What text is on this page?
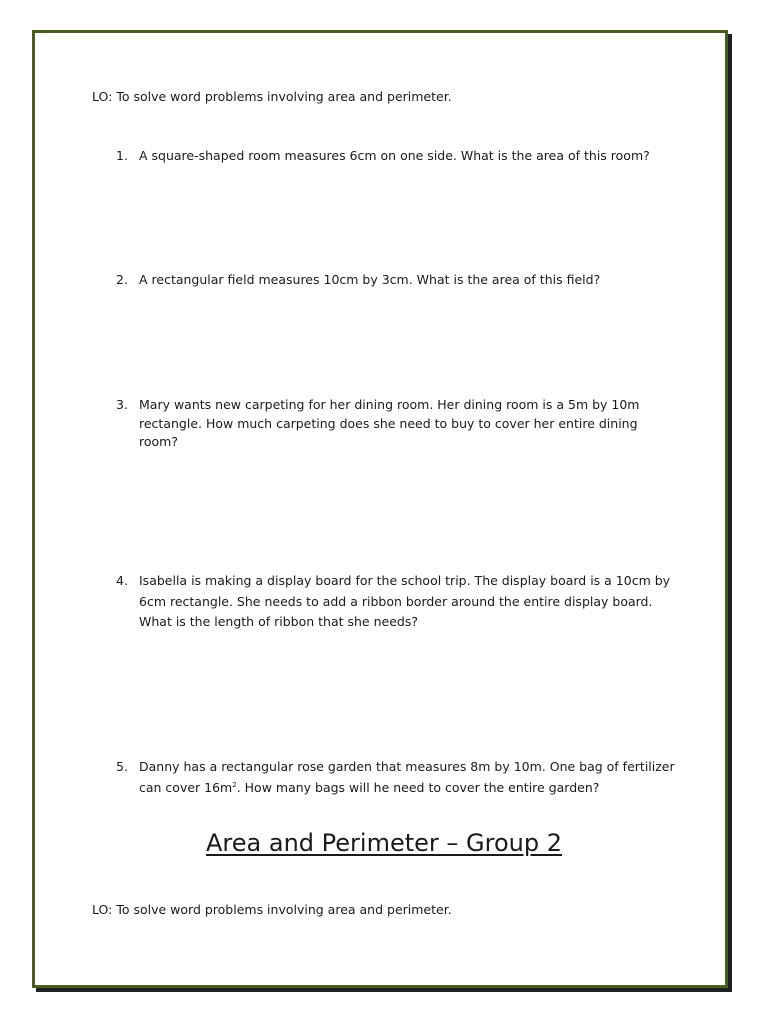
LO: To solve word problems involving area and perimeter.
1. A square-shaped room measures 6cm on one side. What is the area of this room?
2. A rectangular field measures 10cm by 3cm. What is the area of this field?
3. Mary wants new carpeting for her dining room. Her dining room is a 5m by 10m rectangle. How much carpeting does she need to buy to cover her entire dining room?
4. Isabella is making a display board for the school trip. The display board is a 10cm by 6cm rectangle. She needs to add a ribbon border around the entire display board. What is the length of ribbon that she needs?
5. Danny has a rectangular rose garden that measures 8m by 10m. One bag of fertilizer can cover $16m^2$. How many bags will he need to cover the entire garden?
Area and Perimeter – Group 2
LO: To solve word problems involving area and perimeter.
